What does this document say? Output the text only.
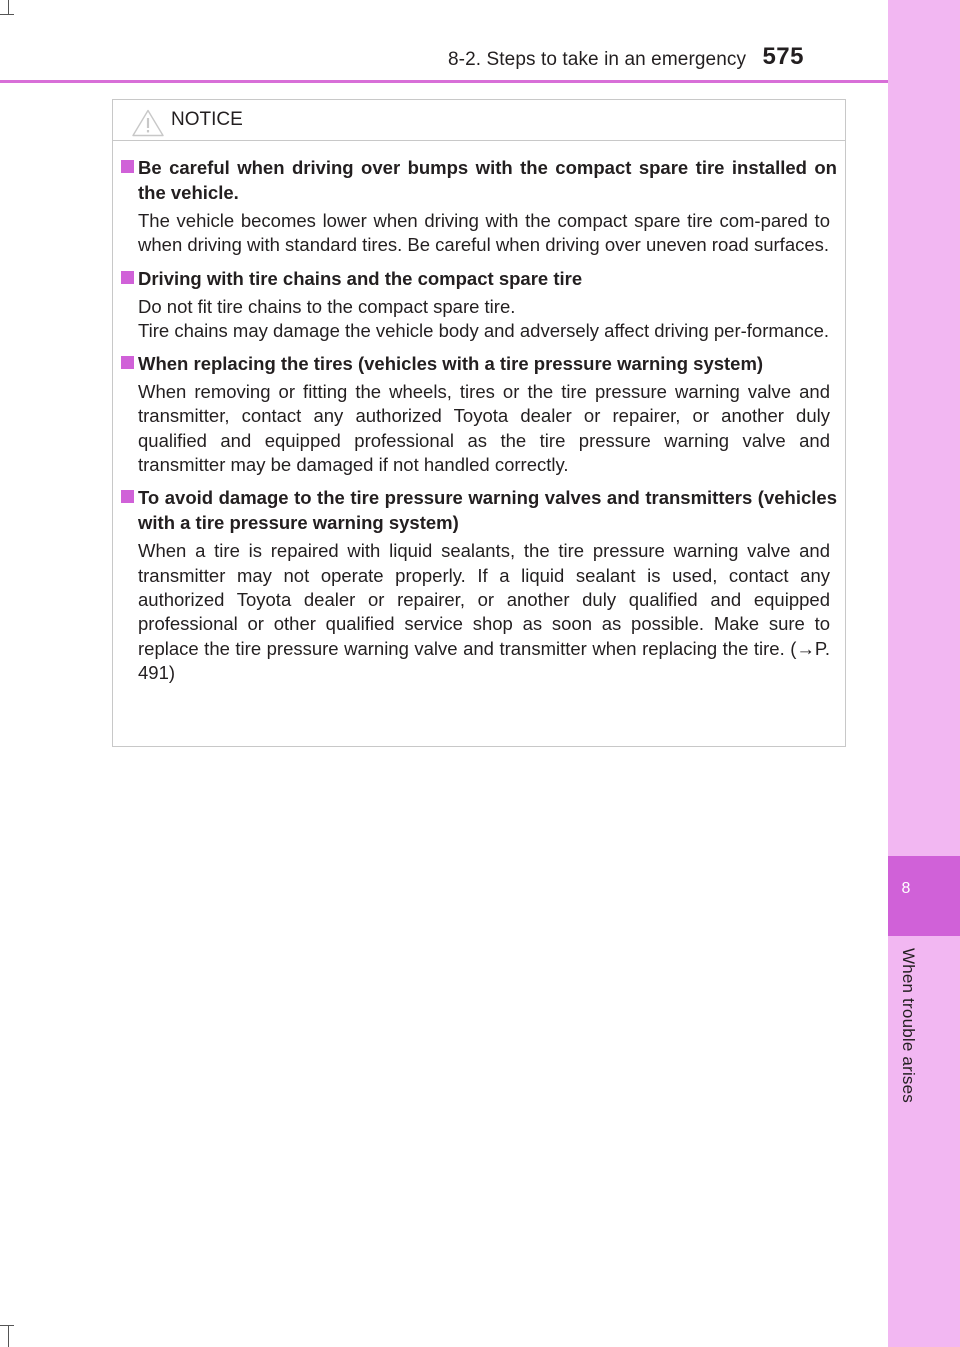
8
When trouble arises
8-2. Steps to take in an emergency 575
NOTICE
Be careful when driving over bumps with the compact spare tire installed on the vehicle.
The vehicle becomes lower when driving with the compact spare tire com-pared to when driving with standard tires. Be careful when driving over uneven road surfaces.
Driving with tire chains and the compact spare tire
Do not fit tire chains to the compact spare tire.
Tire chains may damage the vehicle body and adversely affect driving per-formance.
When replacing the tires (vehicles with a tire pressure warning system)
When removing or fitting the wheels, tires or the tire pressure warning valve and transmitter, contact any authorized Toyota dealer or repairer, or another duly qualified and equipped professional as the tire pressure warning valve and transmitter may be damaged if not handled correctly.
To avoid damage to the tire pressure warning valves and transmitters (vehicles with a tire pressure warning system)
When a tire is repaired with liquid sealants, the tire pressure warning valve and transmitter may not operate properly. If a liquid sealant is used, contact any authorized Toyota dealer or repairer, or another duly qualified and equipped professional or other qualified service shop as soon as possible. Make sure to replace the tire pressure warning valve and transmitter when replacing the tire. (→P. 491)
